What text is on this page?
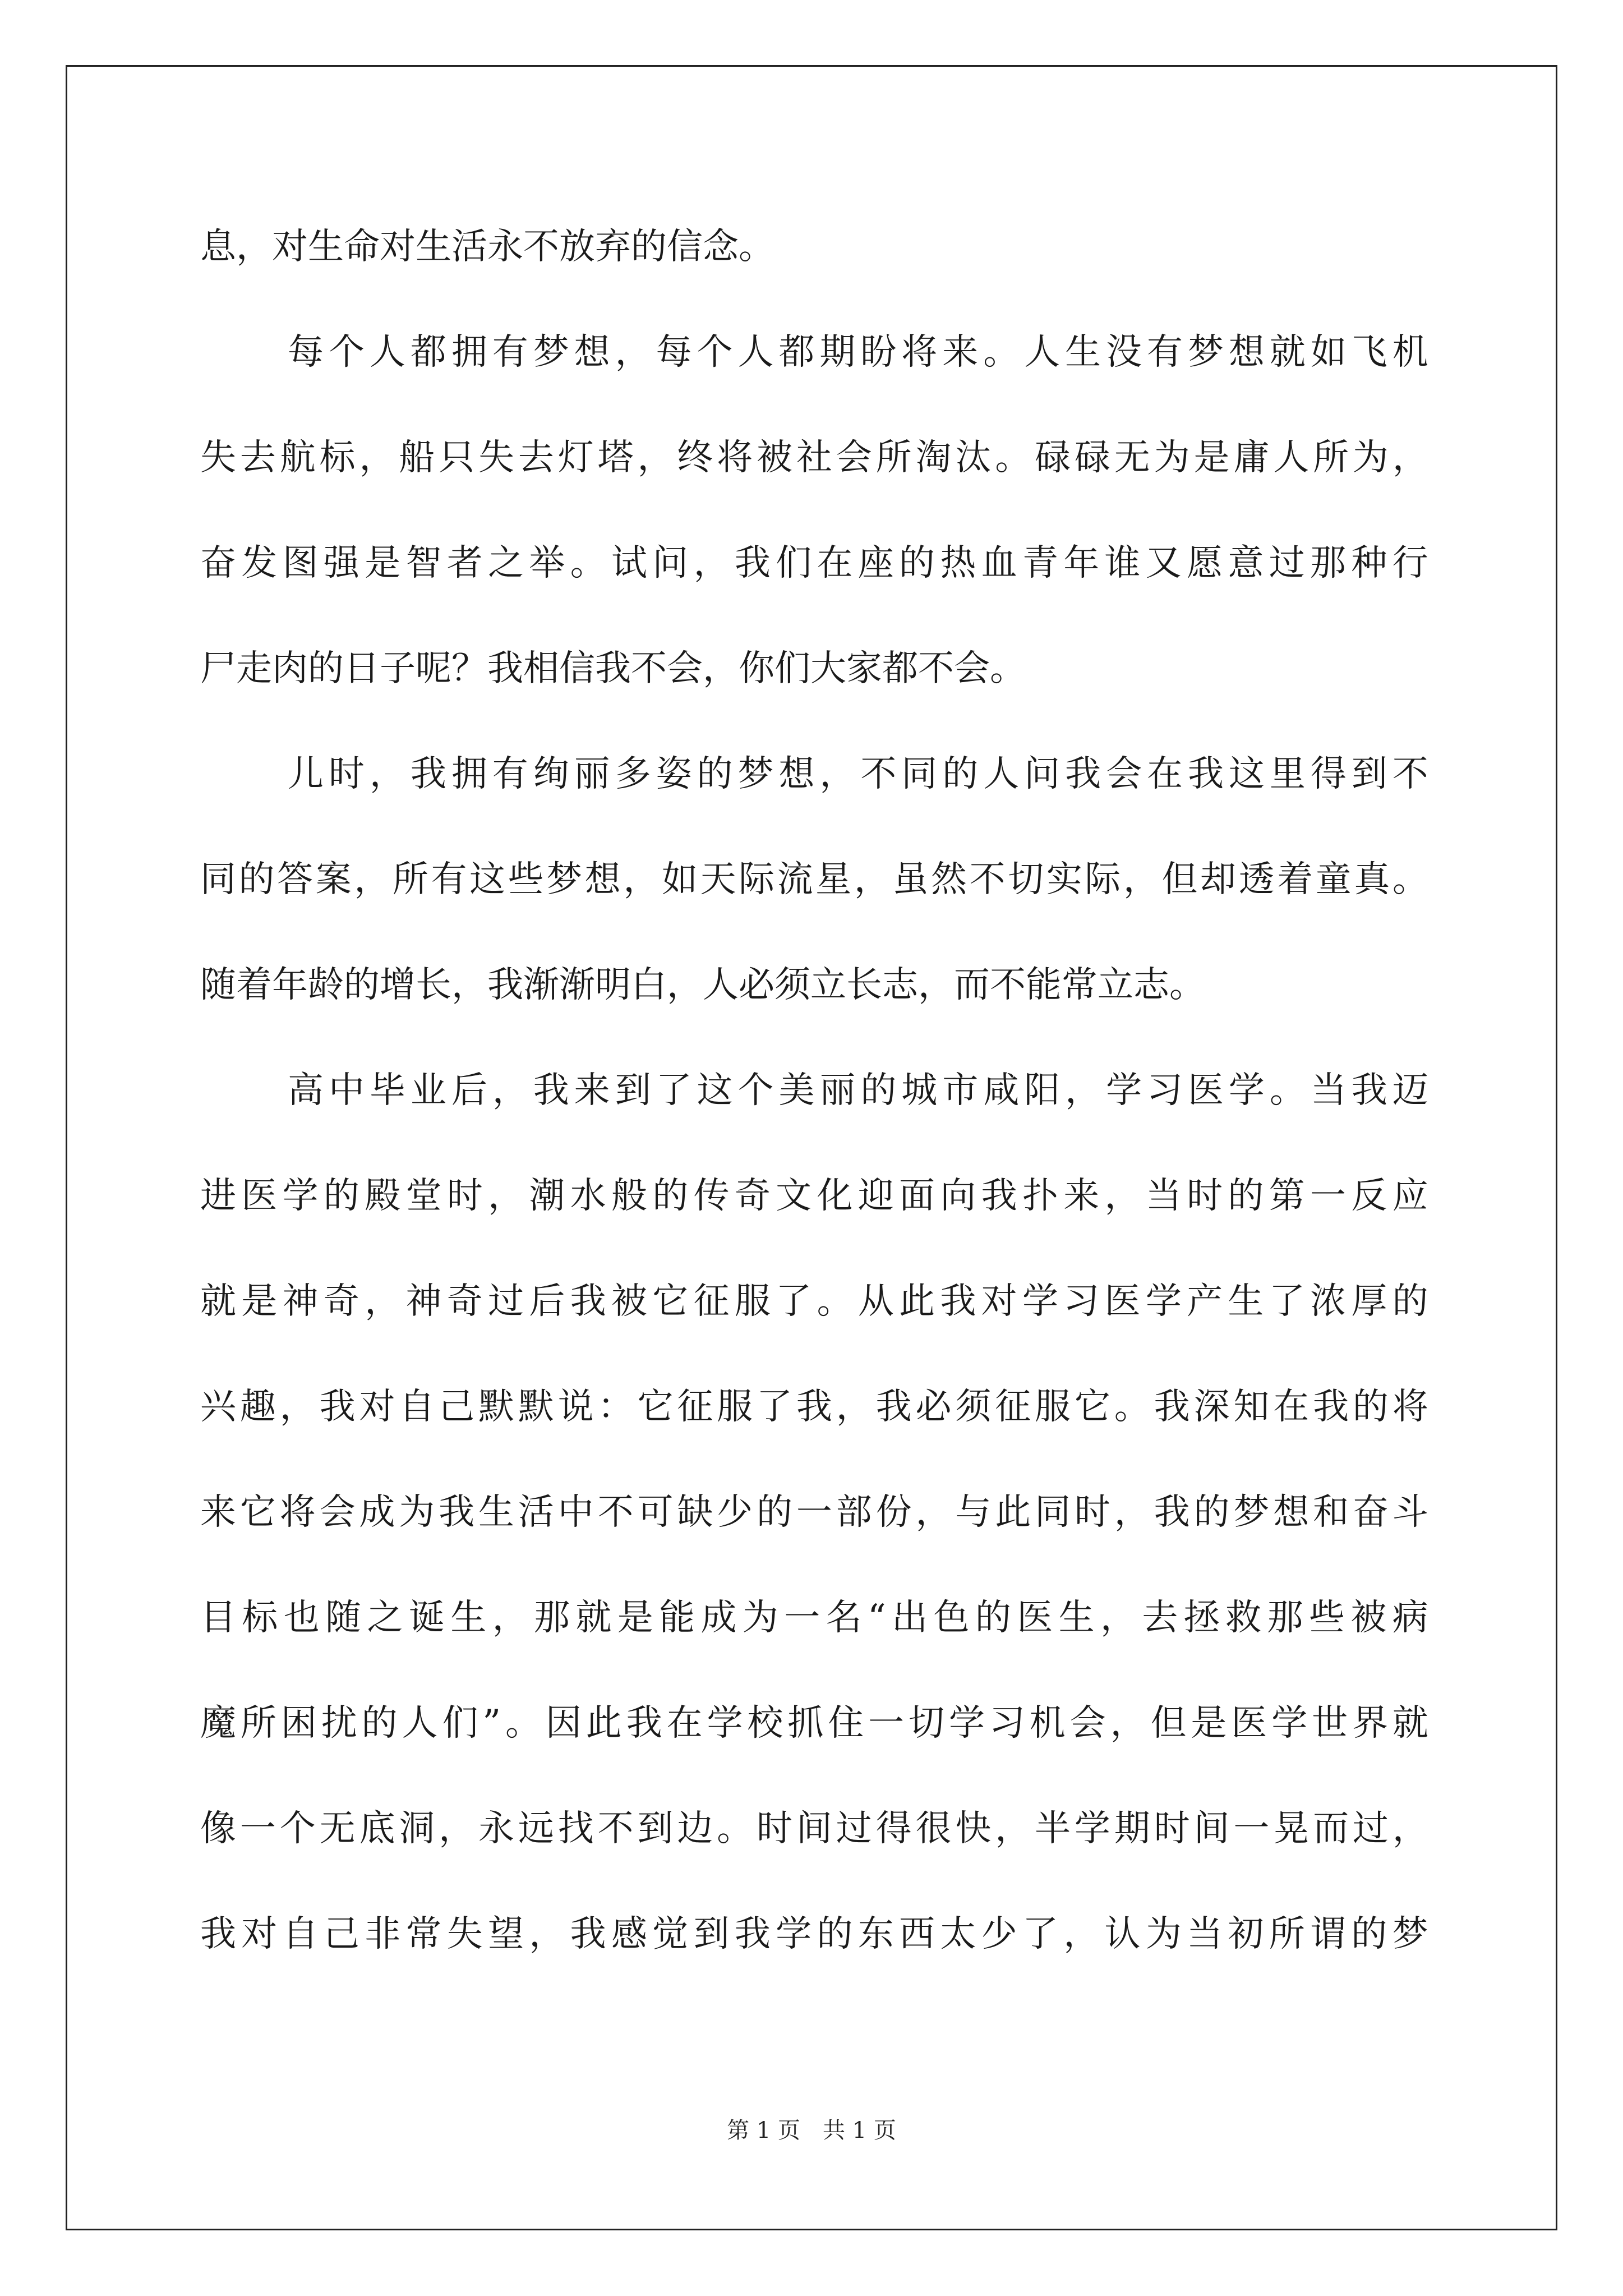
息 ， 对 生 命 对 生 活 永 不 放 弃 的 信 念 。
每 个 人 都 拥 有 梦 想 ， 每 个 人 都 期 盼 将 来 。 人 生 没 有 梦 想 就 如 飞 机
失 去 航 标 ， 船 只 失 去 灯 塔 ， 终 将 被 社 会 所 淘 汰 。 碌 碌 无 为 是 庸 人 所 为 ，
奋 发 图 强 是 智 者 之 举 。 试 问 ， 我 们 在 座 的 热 血 青 年 谁 又 愿 意 过 那 种 行
尸 走 肉 的 日 子 呢 ？ 我 相 信 我 不 会 ， 你 们 大 家 都 不 会 。
儿 时 ， 我 拥 有 绚 丽 多 姿 的 梦 想 ， 不 同 的 人 问 我 会 在 我 这 里 得 到 不
同 的 答 案 ， 所 有 这 些 梦 想 ， 如 天 际 流 星 ， 虽 然 不 切 实 际 ， 但 却 透 着 童 真 。
随 着 年 龄 的 增 长 ， 我 渐 渐 明 白 ， 人 必 须 立 长 志 ， 而 不 能 常 立 志 。
高 中 毕 业 后 ， 我 来 到 了 这 个 美 丽 的 城 市 咸 阳 ， 学 习 医 学 。 当 我 迈
进 医 学 的 殿 堂 时 ， 潮 水 般 的 传 奇 文 化 迎 面 向 我 扑 来 ， 当 时 的 第 一 反 应
就 是 神 奇 ， 神 奇 过 后 我 被 它 征 服 了 。 从 此 我 对 学 习 医 学 产 生 了 浓 厚 的
兴 趣 ， 我 对 自 己 默 默 说 ： 它 征 服 了 我 ， 我 必 须 征 服 它 。 我 深 知 在 我 的 将
来 它 将 会 成 为 我 生 活 中 不 可 缺 少 的 一 部 份 ， 与 此 同 时 ， 我 的 梦 想 和 奋 斗
目 标 也 随 之 诞 生 ， 那 就 是 能 成 为 一 名 “ 出 色 的 医 生 ， 去 拯 救 那 些 被 病
魔 所 困 扰 的 人 们 ” 。 因 此 我 在 学 校 抓 住 一 切 学 习 机 会 ， 但 是 医 学 世 界 就
像 一 个 无 底 洞 ， 永 远 找 不 到 边 。 时 间 过 得 很 快 ， 半 学 期 时 间 一 晃 而 过 ，
我 对 自 己 非 常 失 望 ， 我 感 觉 到 我 学 的 东 西 太 少 了 ， 认 为 当 初 所 谓 的 梦
第 1 页 共 1 页
